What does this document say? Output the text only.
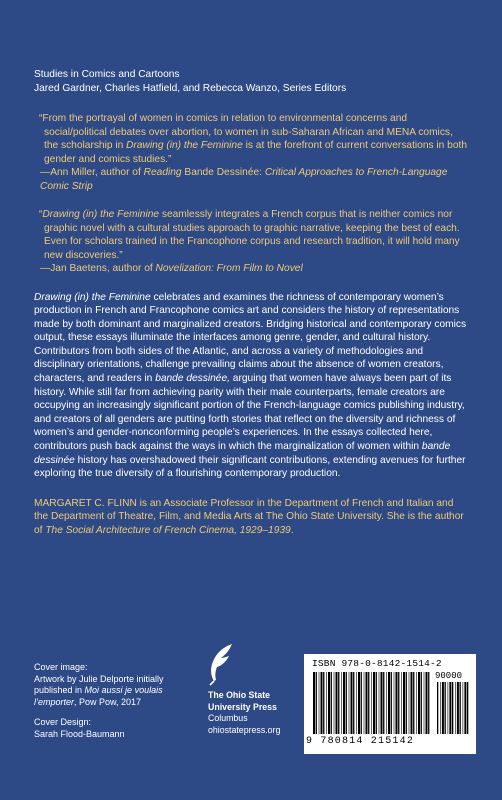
Studies in Comics and Cartoons
Jared Gardner, Charles Hatfield, and Rebecca Wanzo, Series Editors

“From the portrayal of women in comics in relation to environmental concerns and social/political debates over abortion, to women in sub-Saharan African and MENA comics, the scholarship in Drawing (in) the Feminine is at the forefront of current conversations in both gender and comics studies.”

—Ann Miller, author of Reading Bande Dessinée: Critical Approaches to French-Language Comic Strip

“Drawing (in) the Feminine seamlessly integrates a French corpus that is neither comics nor graphic novel with a cultural studies approach to graphic narrative, keeping the best of each. Even for scholars trained in the Francophone corpus and research tradition, it will hold many new discoveries.”

—Jan Baetens, author of Novelization: From Film to Novel

Drawing (in) the Feminine celebrates and examines the richness of contemporary women’s production in French and Francophone comics art and considers the history of representations made by both dominant and marginalized creators. Bridging historical and contemporary comics output, these essays illuminate the interfaces among genre, gender, and cultural history. Contributors from both sides of the Atlantic, and across a variety of methodologies and disciplinary orientations, challenge prevailing claims about the absence of women creators, characters, and readers in bande dessinée, arguing that women have always been part of its history. While still far from achieving parity with their male counterparts, female creators are occupying an increasingly significant portion of the French-language comics publishing industry, and creators of all genders are putting forth stories that reflect on the diversity and richness of women’s and gender-nonconforming people’s experiences. In the essays collected here, contributors push back against the ways in which the marginalization of women within bande dessinée history has overshadowed their significant contributions, extending avenues for further exploring the true diversity of a flourishing contemporary production.
MARGARET C. FLINN is an Associate Professor in the Department of French and Italian and the Department of Theatre, Film, and Media Arts at The Ohio State University. She is the author of The Social Architecture of French Cinema, 1929–1939.
Cover image:
Artwork by Julie Delporte initially published in Moi aussi je voulais l’emporter, Pow Pow, 2017
Cover Design:
Sarah Flood-Baumann
The Ohio State
University Press
Columbus
ohiostatepress.org
ISBN 978-0-8142-1514-2
90000
9 780814 215142
